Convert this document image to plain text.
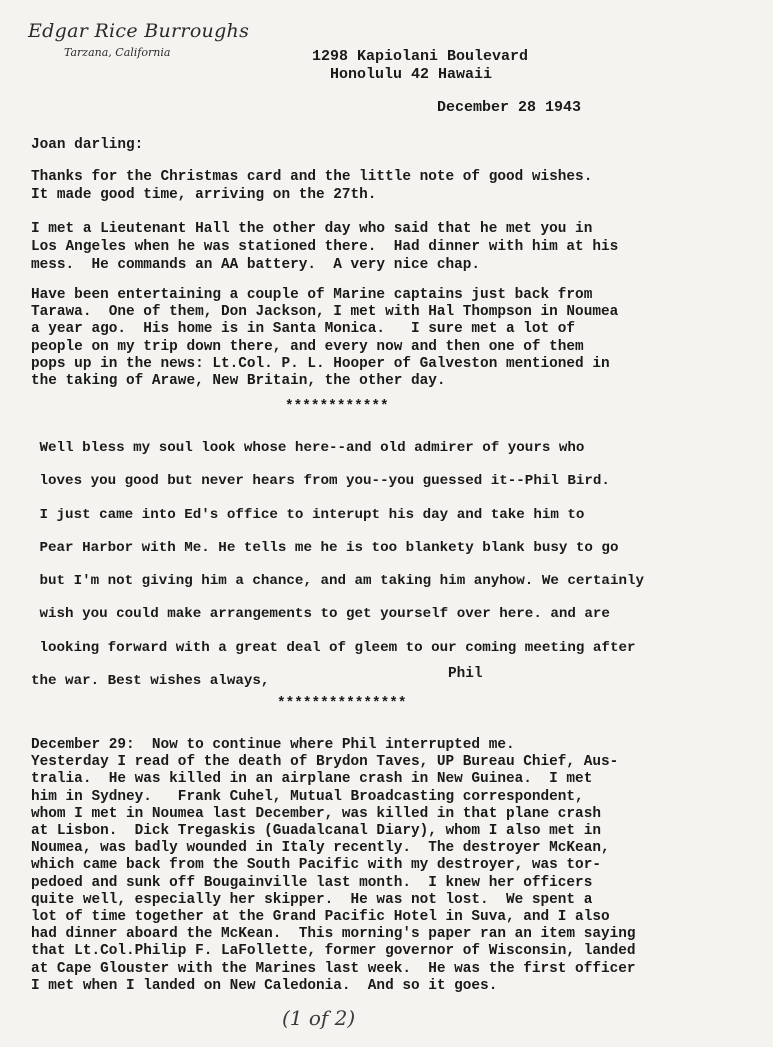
Edgar Rice Burroughs
Tarzana, California	1298 Kapiolani Boulevard
Honolulu 42 Hawaii
December 28 1943
Joan darling:
Thanks for the Christmas card and the little note of good wishes.
It made good time, arriving on the 27th.
I met a Lieutenant Hall the other day who said that he met you in
Los Angeles when he was stationed there.  Had dinner with him at his
mess.  He commands an AA battery.  A very nice chap.
Have been entertaining a couple of Marine captains just back from
Tarawa.  One of them, Don Jackson, I met with Hal Thompson in Noumea
a year ago.  His home is in Santa Monica.   I sure met a lot of
people on my trip down there, and every now and then one of them
pops up in the news: Lt.Col. P. L. Hooper of Galveston mentioned in
the taking of Arawe, New Britain, the other day.
************
Well bless my soul look whose here--and old admirer of yours who
loves you good but never hears from you--you guessed it--Phil Bird.
I just came into Ed's office to interupt his day and take him to
Pear Harbor with Me. He tells me he is too blankety blank busy to go
but I'm not giving him a chance, and am taking him anyhow. We certainly
wish you could make arrangements to get yourself over here. and are
looking forward with a great deal of gleem to our coming meeting after
the war. Best wishes always,	Phil
***************
December 29:  Now to continue where Phil interrupted me.
Yesterday I read of the death of Brydon Taves, UP Bureau Chief, Aus-
tralia.  He was killed in an airplane crash in New Guinea.  I met
him in Sydney.   Frank Cuhel, Mutual Broadcasting correspondent,
whom I met in Noumea last December, was killed in that plane crash
at Lisbon.  Dick Tregaskis (Guadalcanal Diary), whom I also met in
Noumea, was badly wounded in Italy recently.  The destroyer McKean,
which came back from the South Pacific with my destroyer, was tor-
pedoed and sunk off Bougainville last month.  I knew her officers
quite well, especially her skipper.  He was not lost.  We spent a
lot of time together at the Grand Pacific Hotel in Suva, and I also
had dinner aboard the McKean.  This morning's paper ran an item saying
that Lt.Col.Philip F. LaFollette, former governor of Wisconsin, landed
at Cape Glouster with the Marines last week.  He was the first officer
I met when I landed on New Caledonia.  And so it goes.
(1 of 2)
